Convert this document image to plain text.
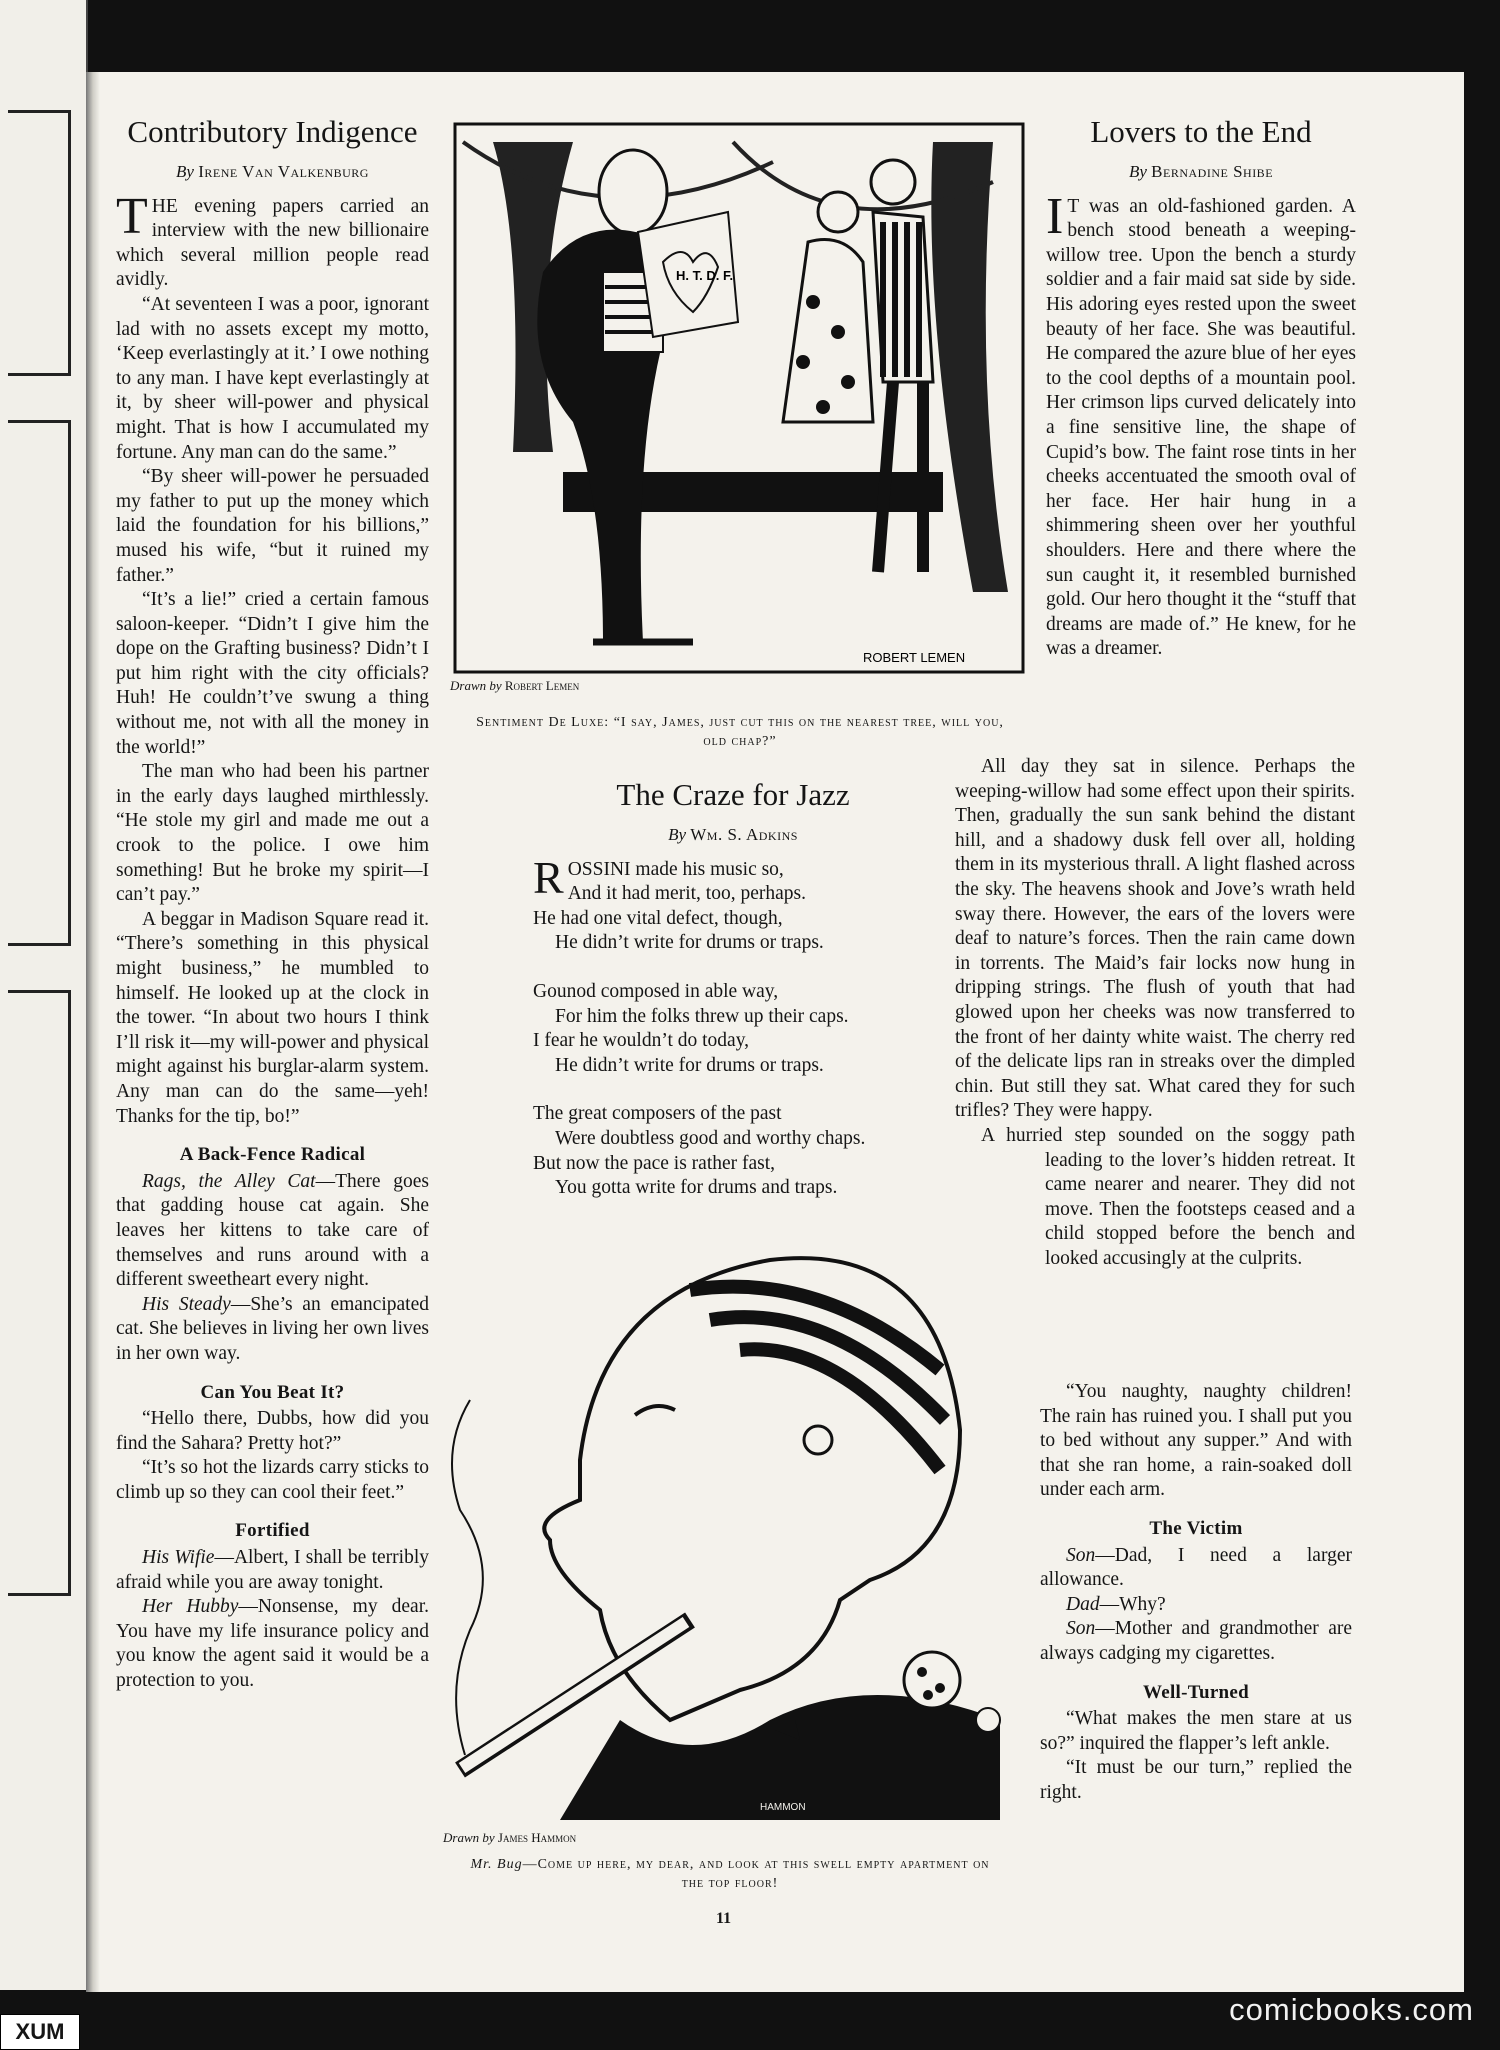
Contributory Indigence
By Irene Van Valkenburg

THE evening papers carried an interview with the new billionaire which several million people read avidly.

“At seventeen I was a poor, ignorant lad with no assets except my motto, ‘Keep everlastingly at it.’ I owe nothing to any man. I have kept everlastingly at it, by sheer will-power and physical might. That is how I accumulated my fortune. Any man can do the same.”

“By sheer will-power he persuaded my father to put up the money which laid the foundation for his billions,” mused his wife, “but it ruined my father.”

“It’s a lie!” cried a certain famous saloon-keeper. “Didn’t I give him the dope on the Grafting business? Didn’t I put him right with the city officials? Huh! He couldn’t’ve swung a thing without me, not with all the money in the world!”

The man who had been his partner in the early days laughed mirthlessly. “He stole my girl and made me out a crook to the police. I owe him something! But he broke my spirit—I can’t pay.”

A beggar in Madison Square read it. “There’s something in this physical might business,” he mumbled to himself. He looked up at the clock in the tower. “In about two hours I think I’ll risk it—my will-power and physical might against his burglar-alarm system. Any man can do the same—yeh! Thanks for the tip, bo!”

A Back-Fence Radical

Rags, the Alley Cat—There goes that gadding house cat again. She leaves her kittens to take care of themselves and runs around with a different sweetheart every night.

His Steady—She’s an emancipated cat. She believes in living her own lives in her own way.

Can You Beat It?

“Hello there, Dubbs, how did you find the Sahara? Pretty hot?”

“It’s so hot the lizards carry sticks to climb up so they can cool their feet.”

Fortified

His Wifie—Albert, I shall be terribly afraid while you are away tonight.

Her Hubby—Nonsense, my dear. You have my life insurance policy and you know the agent said it would be a protection to you.

H. T. D. F.
ROBERT LEMEN
Drawn by Robert Lemen
Sentiment De Luxe: “I say, James, just cut this on the nearest tree, will you, old chap?”
The Craze for Jazz
By Wm. S. Adkins
ROSSINI made his music so,
And it had merit, too, perhaps.
He had one vital defect, though,
He didn’t write for drums or traps.
Gounod composed in able way,
For him the folks threw up their caps.
I fear he wouldn’t do today,
He didn’t write for drums or traps.
The great composers of the past
Were doubtless good and worthy chaps.
But now the pace is rather fast,
You gotta write for drums and traps.
HAMMON
Drawn by James Hammon
Mr. Bug—Come up here, my dear, and look at this swell empty apartment on the top floor!
Lovers to the End
By Bernadine Shibe

I T was an old-fashioned garden. A bench stood beneath a weeping-willow tree. Upon the bench a sturdy soldier and a fair maid sat side by side. His adoring eyes rested upon the sweet beauty of her face. She was beautiful. He compared the azure blue of her eyes to the cool depths of a mountain pool. Her crimson lips curved delicately into a fine sensitive line, the shape of Cupid’s bow. The faint rose tints in her cheeks accentuated the smooth oval of her face. Her hair hung in a shimmering sheen over her youthful shoulders. Here and there where the sun caught it, it resembled burnished gold. Our hero thought it the “stuff that dreams are made of.” He knew, for he was a dreamer.

All day they sat in silence. Perhaps the weeping-willow had some effect upon their spirits. Then, gradually the sun sank behind the distant hill, and a shadowy dusk fell over all, holding them in its mysterious thrall. A light flashed across the sky. The heavens shook and Jove’s wrath held sway there. However, the ears of the lovers were deaf to nature’s forces. Then the rain came down in torrents. The Maid’s fair locks now hung in dripping strings. The flush of youth that had glowed upon her cheeks was now transferred to the front of her dainty white waist. The cherry red of the delicate lips ran in streaks over the dimpled chin. But still they sat. What cared they for such trifles? They were happy.

A hurried step sounded on the soggy path leading to the lover’s hidden retreat. It came nearer and nearer. They did not move. Then the footsteps ceased and a child stopped before the bench and looked accusingly at the culprits.

“You naughty, naughty children! The rain has ruined you. I shall put you to bed without any supper.” And with that she ran home, a rain-soaked doll under each arm.

The Victim

Son—Dad, I need a larger allowance.

Dad—Why?

Son—Mother and grandmother are always cadging my cigarettes.

Well-Turned

“What makes the men stare at us so?” inquired the flapper’s left ankle.

“It must be our turn,” replied the right.

11
comicbooks.com
XUM
